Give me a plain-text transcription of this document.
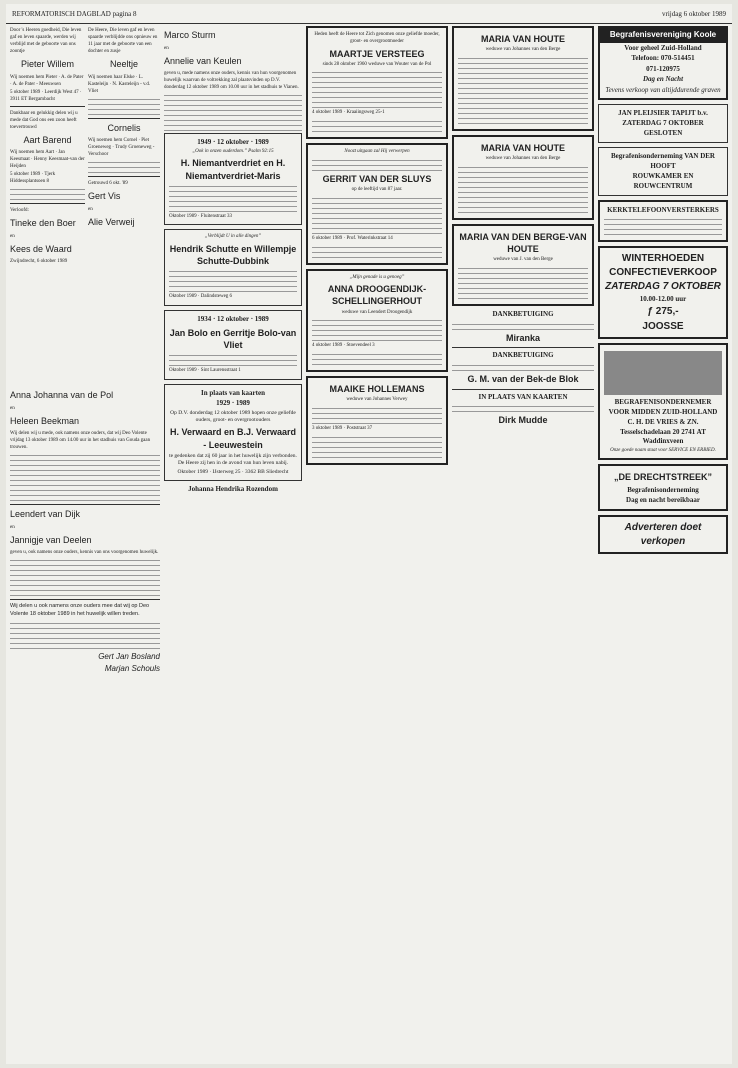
REFORMATORISCH DAGBLAD pagina 8	vrijdag 6 oktober 1989

Door 's Heeren goedheid, Die leven gaf en leven spaarde, werden wij verblijd met de geboorte van ons zoontje

Pieter Willem

Wij noemen hem Pieter · A. de Pater · A. de Pater - Meeuwsen

5 oktober 1989 · Leerdijk West 47 · 3911 ET Bergambacht

Dankbaar en gelukkig delen wij u mede dat God ons een zoon heeft toevertrouwd

Aart Barend

Wij noemen hem Aart · Jan Keesmaat · Henny Keesmaat-van der Heijden

5 oktober 1989 · Tjerk Hiddessplantsoen 8

Verloofd:

Tineke den Boer

en

Kees de Waard

Zwijndrecht, 6 oktober 1989

De Heere, Die leven gaf en leven spaarde verblijdde ons opnieuw en 11 jaar met de geboorte van een dochter en zusje

Neeltje

Wij noemen haar Elske · L. Kasteleijn · N. Kasteleijn - v.d. Vliet

Cornelis

Wij noemen hem Cornel · Piet Groeneweg · Trudy Groeneweg - Verschoor

Getrouwd 6 okt. '89

Gert Vis

en

Alie Verweij
Anna Johanna van de Pol

en

Heleen Beekman

Wij delen wij u mede, ook namens onze ouders, dat wij Deo Volente vrijdag 13 oktober 1989 om 14.00 uur in het stadhuis van Gouda gaan trouwen.

Leendert van Dijk

en

Jannigje van Deelen

geven u, ook namens onze ouders, kennis van ons voorgenomen huwelijk.

Wij delen u ook namens onze ouders mee dat wij op Deo Volente 18 oktober 1989 in het huwelijk willen treden.

Gert Jan Bosland

Marjan Schouls

Marco Sturm

en

Annelie van Keulen

geven u, mede namens onze ouders, kennis van hun voorgenomen huwelijk waarvan de voltrekking zal plaatsvinden op D.V. donderdag 12 oktober 1989 om 10.00 uur in het stadhuis te Vianen.

1949 · 12 oktober · 1989

„Ook in onzen ouderdom.” Psalm 92:15

H. Niemantverdriet en H. Niemantverdriet-Maris

Oktober 1989 · Fluitenstraat 33

„Verblijdt U in alle dingen”

Hendrik Schutte en Willempje Schutte-Dubbink

Oktober 1989 · Dalindsteweg 6

1934 · 12 oktober · 1989

Jan Bolo en Gerritje Bolo-van Vliet

Oktober 1989 · Sint Laurensstraat 1

In plaats van kaarten

1929 · 1989

Op D.V. donderdag 12 oktober 1989 hopen onze geliefde ouders, groot- en overgrootouders

H. Verwaard en B.J. Verwaard - Leeuwestein

te gedenken dat zij 60 jaar in het huwelijk zijn verbonden. De Heere zij hen in de avond van hun leven nabij.

Oktober 1989 · IJsterweg 25 · 3362 BB Sliedrecht

Johanna Hendrika Rozendom

Heden heeft de Heere tot Zich genomen onze geliefde moeder, groot- en overgrootmoeder

MAARTJE VERSTEEG

sinds 28 oktober 1960 weduwe van Wouter van de Pol

4 oktober 1989 · Kraaiingsweg 25-1

Noozt uitgaan zal Hij verwerpen

GERRIT VAN DER SLUYS

op de leeftijd van 87 jaar.

6 oktober 1989 · Prof. Waterinkstraat 14

„Mijn genade is u genoeg”

ANNA DROOGENDIJK-SCHELLINGERHOUT

weduwe van Leendert Droogendijk

4 oktober 1989 · Stoevendeel 3

MAAIKE HOLLEMANS

weduwe van Johannes Verwey

3 oktober 1989 · Poststraat 37

MARIA VAN HOUTE

weduwe van Johannes van den Berge

MARIA VAN HOUTE

weduwe van Johannes van den Berge

MARIA VAN DEN BERGE-VAN HOUTE

weduwe van J. van den Berge

DANKBETUIGING

Miranka

DANKBETUIGING

G. M. van der Bek-de Blok

IN PLAATS VAN KAARTEN

Dirk Mudde

Begrafenisvereniging Koole

Voor geheel Zuid-Holland

Telefoon: 070-514451

071-120975

Dag en Nacht

Tevens verkoop van altijddurende graven

JAN PLEIJSIER TAPIJT b.v.

ZATERDAG 7 OKTOBER GESLOTEN

Begrafenisonderneming VAN DER HOOFT

ROUWKAMER EN ROUWCENTRUM

KERKTELEFOONVERSTERKERS

WINTERHOEDEN CONFECTIEVERKOOP

ZATERDAG 7 OKTOBER

10.00-12.00 uur

ƒ 275,-

JOOSSE

BEGRAFENISONDERNEMER VOOR MIDDEN ZUID-HOLLAND

C. H. DE VRIES & ZN. Tesselschadelaan 20 2741 AT Waddinxveen

Onze goede naam staat voor SERVICE EN ERBIED.

„DE DRECHTSTREEK”

Begrafenisonderneming

Dag en nacht bereikbaar

Adverteren doet verkopen
